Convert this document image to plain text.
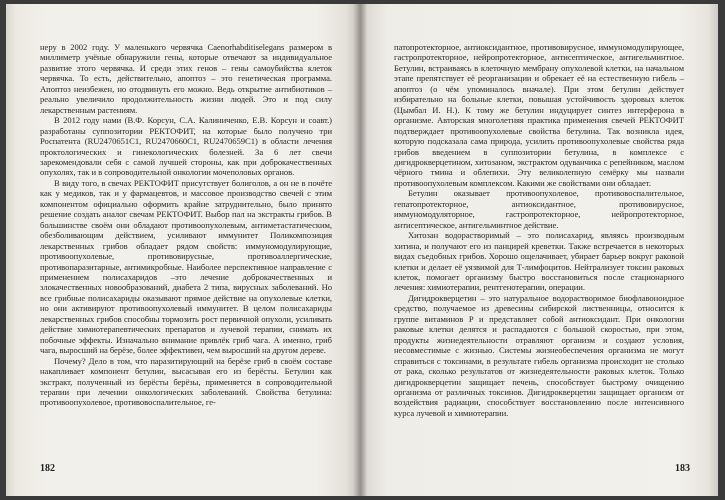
неру в 2002 году. У маленького червячка Caenorhabditiselegans размером в миллиметр учёные обнаружили гены, которые отвечают за индивидуальное развитие этого червячка. И среди этих генов – гены самоубийства клеток червячка. То есть, действительно, апоптоз – это генетическая программа. Апоптоз неизбежен, но отодвинуть его можно. Ведь открытие антибиотиков – реально увеличило продолжительность жизни людей. Это и под силу лекарственным растениям.

В 2012 году нами (В.Ф. Корсун, С.А. Калиниченко, Е.В. Корсун и соавт.) разработаны суппозитории РЕКТОФИТ, на которые было получено три Роспатента (RU2470651C1, RU2470660C1, RU2470659C1) в области лечения проктологических и гинекологических болезней. За 6 лет свечи зарекомендовали себя с самой лучшей стороны, как при доброкачественных опухолях, так и в сопроводительной онкологии мочеполовых органов.

В виду того, в свечах РЕКТОФИТ присутствует болиголов, а он не в почёте как у медиков, так и у фармацевтов, и массовое производство свечей с этим компонентом официально оформить крайне затруднительно, было принято решение создать аналог свечам РЕКТОФИТ. Выбор пал на экстракты грибов. В большинстве своём они обладают противоопухолевым, антиметастатическим, обезболивающим действием, усиливают иммунитет Поликомпозиция лекарственных грибов обладает рядом свойств: иммуномодулирующие, противоопухолевые, противовирусные, противоаллергические, противопаразитарные, антимикробные. Наиболее перспективное направление с применением полисахаридов –это лечение доброкачественных и злокачественных новообразований, диабета 2 типа, вирусных заболеваний. Но все грибные полисахариды оказывают прямое действие на опухолевые клетки, но они активируют противоопухолевый иммунитет. В целом полисахариды лекарственных грибов способны тормозить рост первичной опухоли, усиливать действие химиотерапевтических препаратов и лучевой терапии, снимать их побочные эффекты. Изначально внимание привлёк гриб чага. А именно, гриб чага, выросший на берёзе, более эффективен, чем выросший на другом дереве.

Почему? Дело в том, что паразитирующий на берёзе гриб в своём составе накапливает компонент бетулин, высасывая его из берёсты. Бетулин как экстракт, полученный из берёсты берёзы, применяется в сопроводительной терапии при лечении онкологических заболеваний. Свойства бетулина: противоопухолевое, противовоспалительное, ге-

182

патопротекторное, антиоксидантное, противовирусное, иммуномодулирующее, гастропротекторное, нейропротекторное, антисептическое, антигельминтное. Бетулин, встраиваясь в клеточную мембрану опухолевой клетки, на начальном этапе препятствует её реорганизации и обрекает её на естественную гибель – апоптоз (о чём упоминалось вначале). При этом бетулин действует избирательно на больные клетки, повышая устойчивость здоровых клеток (Цымбал И. Н.). К тому же бетулин индуцирует синтез интерферона в организме. Авторская многолетняя практика применения свечей РЕКТОФИТ подтверждает противоопухолевые свойства бетулина. Так возникла идея, которую подсказала сама природа, усилить противоопухолевые свойства ряда грибов введением в суппозитории бетулина, в комплексе с дигидрокверцетином, хитозаном, экстрактом одуванчика с репейником, маслом чёрного тмина и облепихи. Эту великолепную семёрку мы назвали противоопухолевым комплексом. Какими же свойствами они обладает.

Бетулин оказывает противоопухолевое, противовоспалительное, гепатопротекторное, антиоксидантное, противовирусное, иммуномодуляторное, гастропротекторное, нейропротекторное, антисептическое, антигельминтное действие.

Хитозан водорастворимый – это полисахарид, являясь производным хитина, и получают его из панцирей креветки. Также встречается в некоторых видах съедобных грибов. Хорошо ощелачивает, убирает барьер вокруг раковой клетки и делает её уязвимой для Т-лимфоцитов. Нейтрализует токсин раковых клеток, помогает организму быстро восстановиться после стационарного лечения: химиотерапии, рентгенотерапии, операции.

Дигидрокверцетин – это натуральное водорастворимое биофлавоноидное средство, получаемое из древесины сибирской лиственницы, относится к группе витаминов P и представляет собой антиоксидант. При онкологии раковые клетки делятся и распадаются с большой скоростью, при этом, продукты жизнедеятельности отравляют организм и создают условия, несовместимые с жизнью. Системы жизнеобеспечения организма не могут справиться с токсинами, в результате гибель организма происходит не столько от рака, сколько результатов от жизнедеятельности раковых клеток. Только дигидрокверцетин защищает печень, способствует быстрому очищению организма от различных токсинов. Дигидрокверцетин защищает организм от воздействия радиации, способствует восстановлению после интенсивного курса лучевой и химиотерапии.

183
